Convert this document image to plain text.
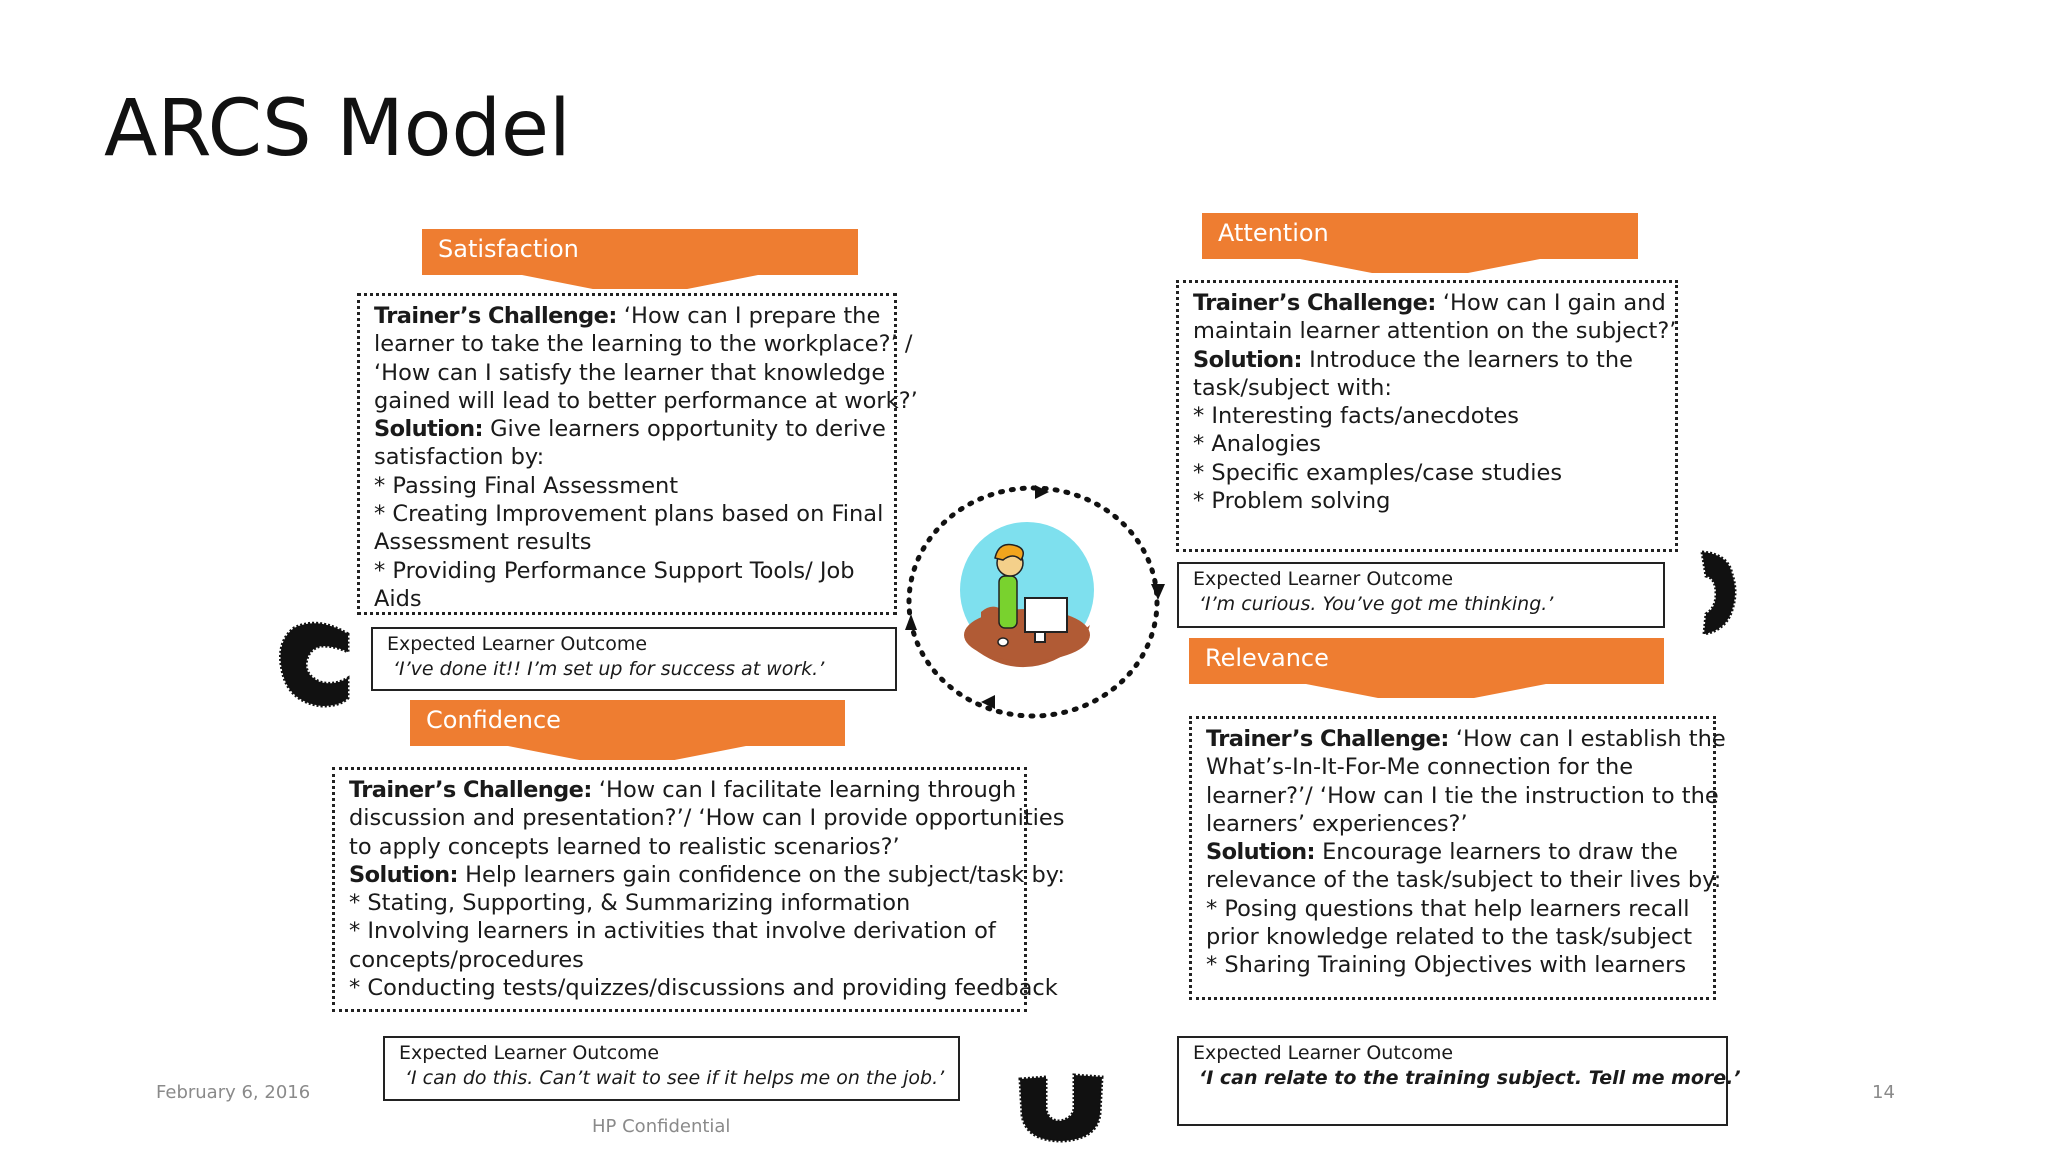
ARCS Model
Satisfaction
Trainer’s Challenge: ‘How can I prepare the
learner to take the learning to the workplace?’ /
‘How can I satisfy the learner that knowledge
gained will lead to better performance at work?’
Solution: Give learners opportunity to derive
satisfaction by:
* Passing Final Assessment
* Creating Improvement plans based on Final
Assessment results
* Providing Performance Support Tools/ Job
Aids
Expected Learner Outcome
‘I’ve done it!! I’m set up for success at work.’
Confidence
Trainer’s Challenge: ‘How can I facilitate learning through
discussion and presentation?’/ ‘How can I provide opportunities
to apply concepts learned to realistic scenarios?’
Solution: Help learners gain confidence on the subject/task by:
* Stating, Supporting, & Summarizing information
* Involving learners in activities that involve derivation of
concepts/procedures
* Conducting tests/quizzes/discussions and providing feedback
Expected Learner Outcome
‘I can do this. Can’t wait to see if it helps me on the job.’
Attention
Trainer’s Challenge: ‘How can I gain and
maintain learner attention on the subject?’
Solution: Introduce the learners to the
task/subject with:
* Interesting facts/anecdotes
* Analogies
* Specific examples/case studies
* Problem solving
Expected Learner Outcome
‘I’m curious. You’ve got me thinking.’
Relevance
Trainer’s Challenge: ‘How can I establish the
What’s-In-It-For-Me connection for the
learner?’/ ‘How can I tie the instruction to the
learners’ experiences?’
Solution: Encourage learners to draw the
relevance of the task/subject to their lives by:
* Posing questions that help learners recall
prior knowledge related to the task/subject
* Sharing Training Objectives with learners
Expected Learner Outcome
‘I can relate to the training subject. Tell me more.’
February 6, 2016
HP Confidential
14
